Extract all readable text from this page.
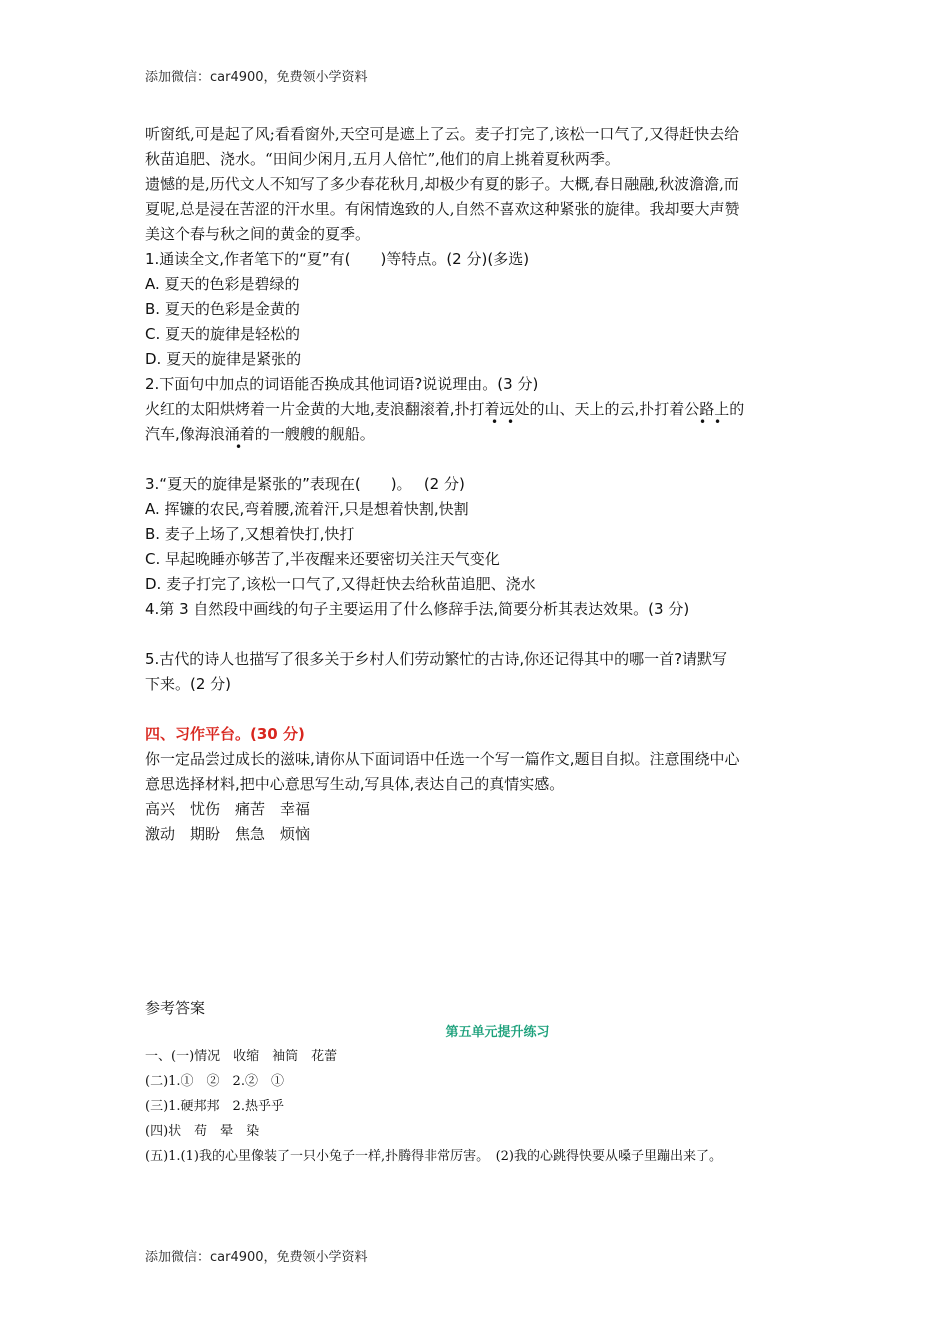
添加微信：car4900，免费领小学资料
听窗纸,可是起了风;看看窗外,天空可是遮上了云。麦子打完了,该松一口气了,又得赶快去给
秋苗追肥、浇水。“田间少闲月,五月人倍忙”,他们的肩上挑着夏秋两季。
遗憾的是,历代文人不知写了多少春花秋月,却极少有夏的影子。大概,春日融融,秋波澹澹,而
夏呢,总是浸在苦涩的汗水里。有闲情逸致的人,自然不喜欢这种紧张的旋律。我却要大声赞
美这个春与秋之间的黄金的夏季。
1.通读全文,作者笔下的“夏”有(　　)等特点。(2 分)(多选)
A. 夏天的色彩是碧绿的
B. 夏天的色彩是金黄的
C. 夏天的旋律是轻松的
D. 夏天的旋律是紧张的
2.下面句中加点的词语能否换成其他词语?说说理由。(3 分)
火红的太阳烘烤着一片金黄的大地,麦浪翻滚着,扑打着远处的山、天上的云,扑打着公路上的
• •	• •
汽车,像海浪涌着的一艘艘的舰船。
•
3.“夏天的旋律是紧张的”表现在(　　)。　 (2 分)
A. 挥镰的农民,弯着腰,流着汗,只是想着快割,快割
B. 麦子上场了,又想着快打,快打
C. 早起晚睡亦够苦了,半夜醒来还要密切关注天气变化
D. 麦子打完了,该松一口气了,又得赶快去给秋苗追肥、浇水
4.第 3 自然段中画线的句子主要运用了什么修辞手法,简要分析其表达效果。(3 分)
5.古代的诗人也描写了很多关于乡村人们劳动繁忙的古诗,你还记得其中的哪一首?请默写
下来。(2 分)
四、习作平台。(30 分)
你一定品尝过成长的滋味,请你从下面词语中任选一个写一篇作文,题目自拟。注意围绕中心
意思选择材料,把中心意思写生动,写具体,表达自己的真情实感。
高兴　忧伤　痛苦　幸福
激动　期盼　焦急　烦恼
参考答案
第五单元提升练习
一、(一)情况　收缩　袖筒　花蕾
(二)1.①　②　2.②　①
(三)1.硬邦邦　2.热乎乎
(四)状　苟　晕　染
(五)1.(1)我的心里像装了一只小兔子一样,扑腾得非常厉害。　(2)我的心跳得快要从嗓子里蹦出来了。
添加微信：car4900，免费领小学资料
